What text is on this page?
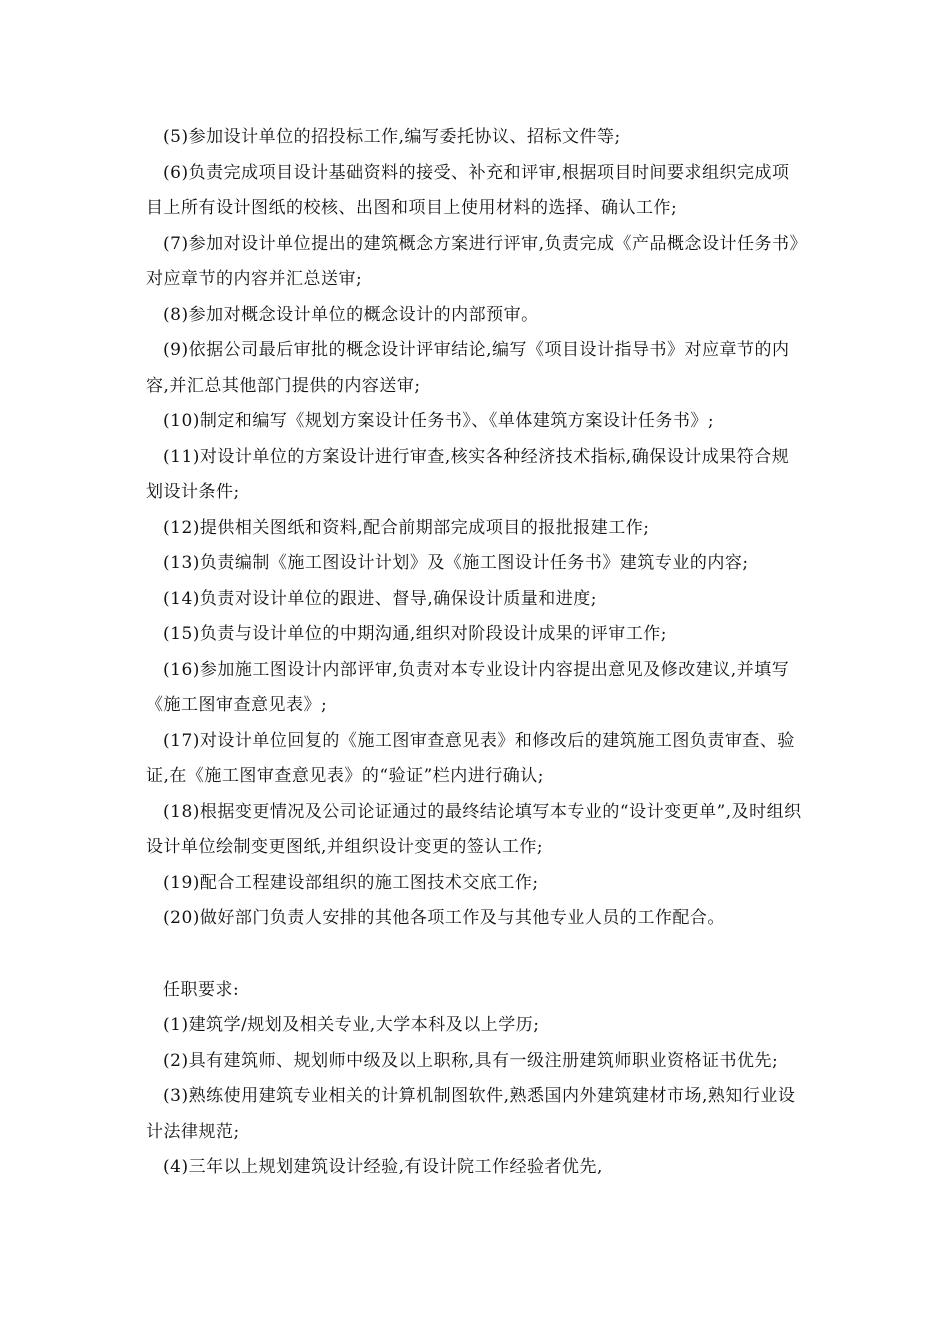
(5)参加设计单位的招投标工作,编写委托协议、招标文件等;

(6)负责完成项目设计基础资料的接受、补充和评审,根据项目时间要求组织完成项目上所有设计图纸的校核、出图和项目上使用材料的选择、确认工作;

(7)参加对设计单位提出的建筑概念方案进行评审,负责完成《产品概念设计任务书》对应章节的内容并汇总送审;

(8)参加对概念设计单位的概念设计的内部预审。

(9)依据公司最后审批的概念设计评审结论,编写《项目设计指导书》对应章节的内容,并汇总其他部门提供的内容送审;

(10)制定和编写《规划方案设计任务书》、《单体建筑方案设计任务书》;

(11)对设计单位的方案设计进行审查,核实各种经济技术指标,确保设计成果符合规划设计条件;

(12)提供相关图纸和资料,配合前期部完成项目的报批报建工作;

(13)负责编制《施工图设计计划》及《施工图设计任务书》建筑专业的内容;

(14)负责对设计单位的跟进、督导,确保设计质量和进度;

(15)负责与设计单位的中期沟通,组织对阶段设计成果的评审工作;

(16)参加施工图设计内部评审,负责对本专业设计内容提出意见及修改建议,并填写《施工图审查意见表》;

(17)对设计单位回复的《施工图审查意见表》和修改后的建筑施工图负责审查、验证,在《施工图审查意见表》的“验证”栏内进行确认;

(18)根据变更情况及公司论证通过的最终结论填写本专业的“设计变更单”,及时组织设计单位绘制变更图纸,并组织设计变更的签认工作;

(19)配合工程建设部组织的施工图技术交底工作;

(20)做好部门负责人安排的其他各项工作及与其他专业人员的工作配合。

任职要求:

(1)建筑学/规划及相关专业,大学本科及以上学历;

(2)具有建筑师、规划师中级及以上职称,具有一级注册建筑师职业资格证书优先;

(3)熟练使用建筑专业相关的计算机制图软件,熟悉国内外建筑建材市场,熟知行业设计法律规范;

(4)三年以上规划建筑设计经验,有设计院工作经验者优先,
